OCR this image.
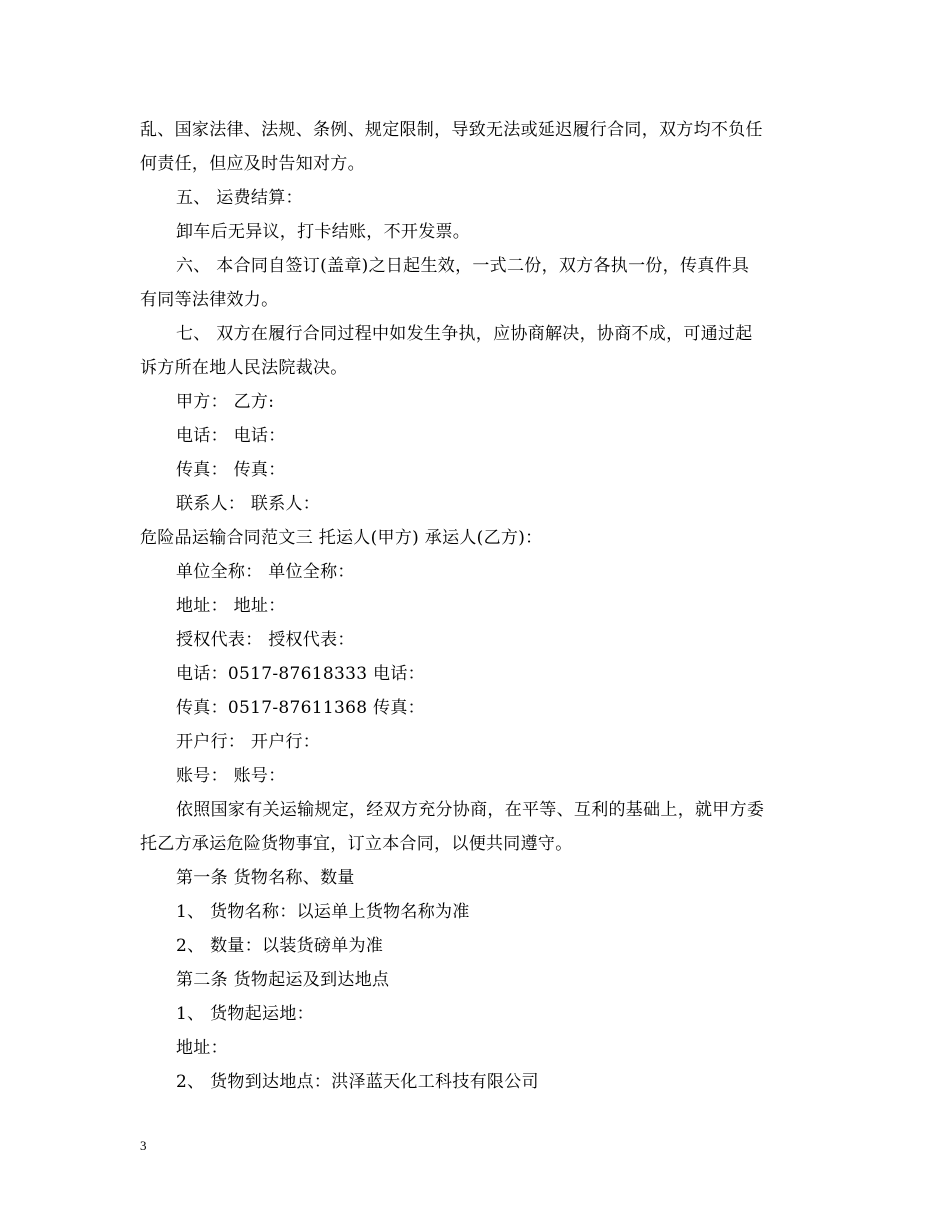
乱、国家法律、法规、条例、规定限制，导致无法或延迟履行合同，双方均不负任
何责任，但应及时告知对方。
五、 运费结算：
卸车后无异议，打卡结账，不开发票。
六、 本合同自签订(盖章)之日起生效，一式二份，双方各执一份，传真件具
有同等法律效力。
七、 双方在履行合同过程中如发生争执，应协商解决，协商不成，可通过起
诉方所在地人民法院裁决。
甲方： 乙方:
电话： 电话：
传真： 传真：
联系人： 联系人：
危险品运输合同范文三 托运人(甲方) 承运人(乙方)：
单位全称： 单位全称：
地址： 地址：
授权代表： 授权代表：
电话：0517-87618333 电话：
传真：0517-87611368 传真：
开户行： 开户行：
账号： 账号：
依照国家有关运输规定，经双方充分协商，在平等、互利的基础上，就甲方委
托乙方承运危险货物事宜，订立本合同，以便共同遵守。
第一条 货物名称、数量
1、 货物名称：以运单上货物名称为准
2、 数量：以装货磅单为准
第二条 货物起运及到达地点
1、 货物起运地：
地址：
2、 货物到达地点：洪泽蓝天化工科技有限公司
3
